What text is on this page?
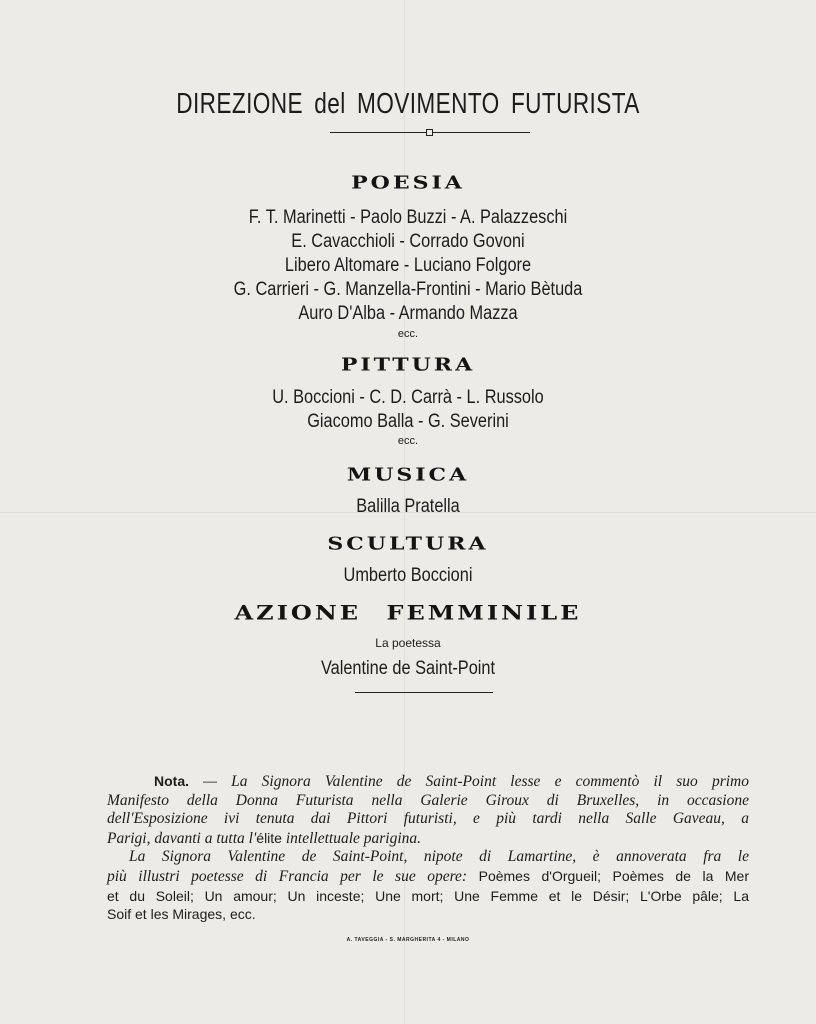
DIREZIONE del MOVIMENTO FUTURISTA
POESIA
F. T. Marinetti - Paolo Buzzi - A. Palazzeschi
E. Cavacchioli - Corrado Govoni
Libero Altomare - Luciano Folgore
G. Carrieri - G. Manzella-Frontini - Mario Bètuda
Auro D'Alba - Armando Mazza
ecc.
PITTURA
U. Boccioni - C. D. Carrà - L. Russolo
Giacomo Balla - G. Severini
ecc.
MUSICA
Balilla Pratella
SCULTURA
Umberto Boccioni
AZIONE FEMMINILE
La poetessa
Valentine de Saint-Point
Nota. — La Signora Valentine de Saint-Point lesse e commentò il suo primo
Manifesto della Donna Futurista nella Galerie Giroux di Bruxelles, in occasione
dell'Esposizione ivi tenuta dai Pittori futuristi, e più tardi nella Salle Gaveau, a
Parigi, davanti a tutta l'élite intellettuale parigina.
La Signora Valentine de Saint-Point, nipote di Lamartine, è annoverata fra le
più illustri poetesse di Francia per le sue opere: Poèmes d'Orgueil; Poèmes de la Mer
et du Soleil; Un amour; Un inceste; Une mort; Une Femme et le Désir; L'Orbe pâle; La
Soif et les Mirages, ecc.
A. TAVEGGIA - S. MARGHERITA 4 - MILANO
